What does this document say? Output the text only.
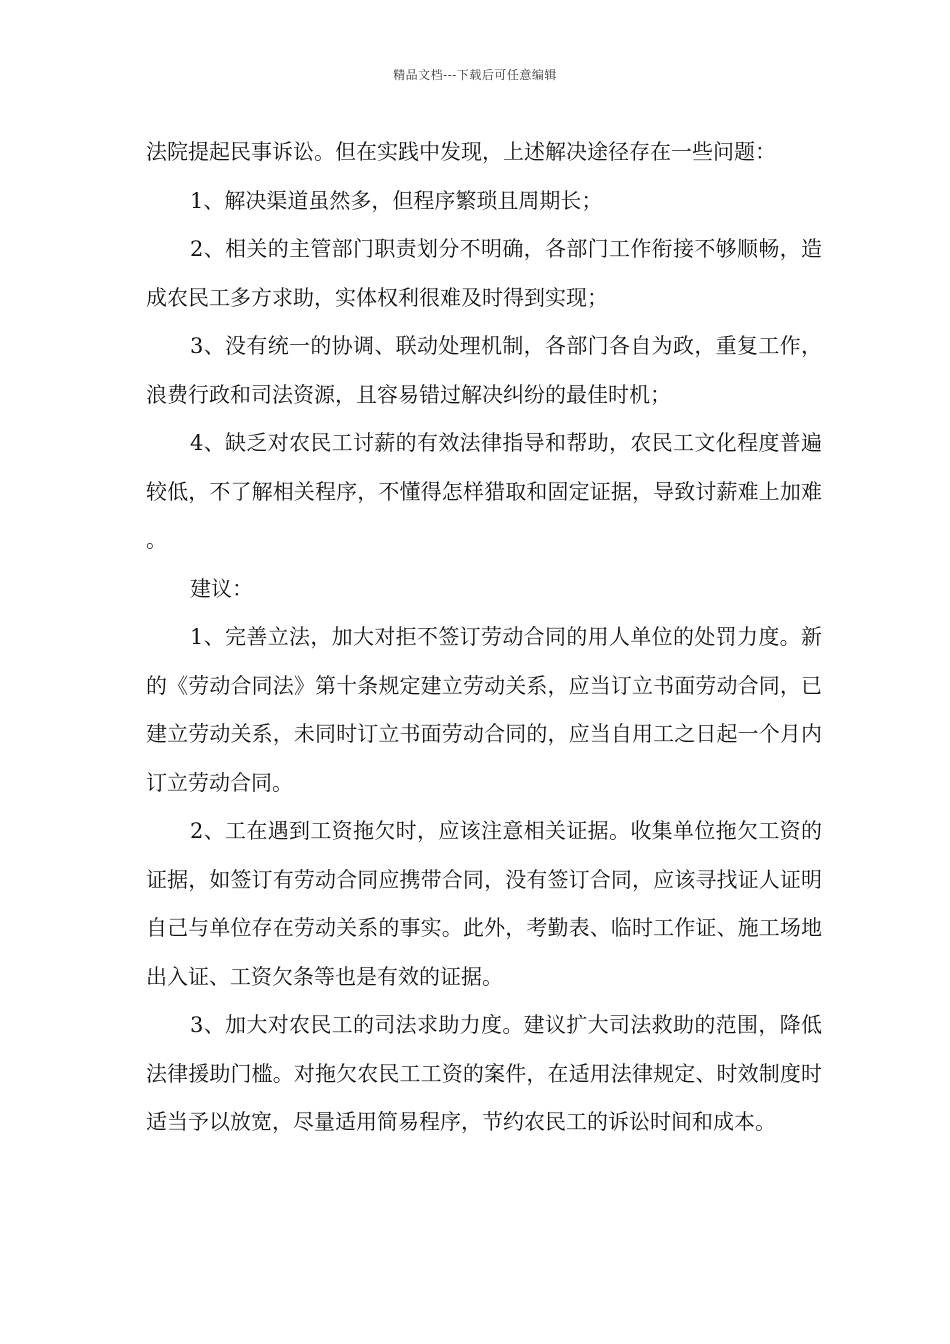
精品文档---下载后可任意编辑

法院提起民事诉讼。但在实践中发现，上述解决途径存在一些问题：

1、解决渠道虽然多，但程序繁琐且周期长；

2、相关的主管部门职责划分不明确，各部门工作衔接不够顺畅，造成农民工多方求助，实体权利很难及时得到实现；

3、没有统一的协调、联动处理机制，各部门各自为政，重复工作，浪费行政和司法资源，且容易错过解决纠纷的最佳时机；

4、缺乏对农民工讨薪的有效法律指导和帮助，农民工文化程度普遍较低，不了解相关程序，不懂得怎样猎取和固定证据，导致讨薪难上加难。

建议：

1、完善立法，加大对拒不签订劳动合同的用人单位的处罚力度。新的《劳动合同法》第十条规定建立劳动关系，应当订立书面劳动合同，已建立劳动关系，未同时订立书面劳动合同的，应当自用工之日起一个月内订立劳动合同。

2、工在遇到工资拖欠时，应该注意相关证据。收集单位拖欠工资的证据，如签订有劳动合同应携带合同，没有签订合同，应该寻找证人证明自己与单位存在劳动关系的事实。此外，考勤表、临时工作证、施工场地出入证、工资欠条等也是有效的证据。

3、加大对农民工的司法求助力度。建议扩大司法救助的范围，降低法律援助门槛。对拖欠农民工工资的案件，在适用法律规定、时效制度时适当予以放宽，尽量适用简易程序，节约农民工的诉讼时间和成本。
